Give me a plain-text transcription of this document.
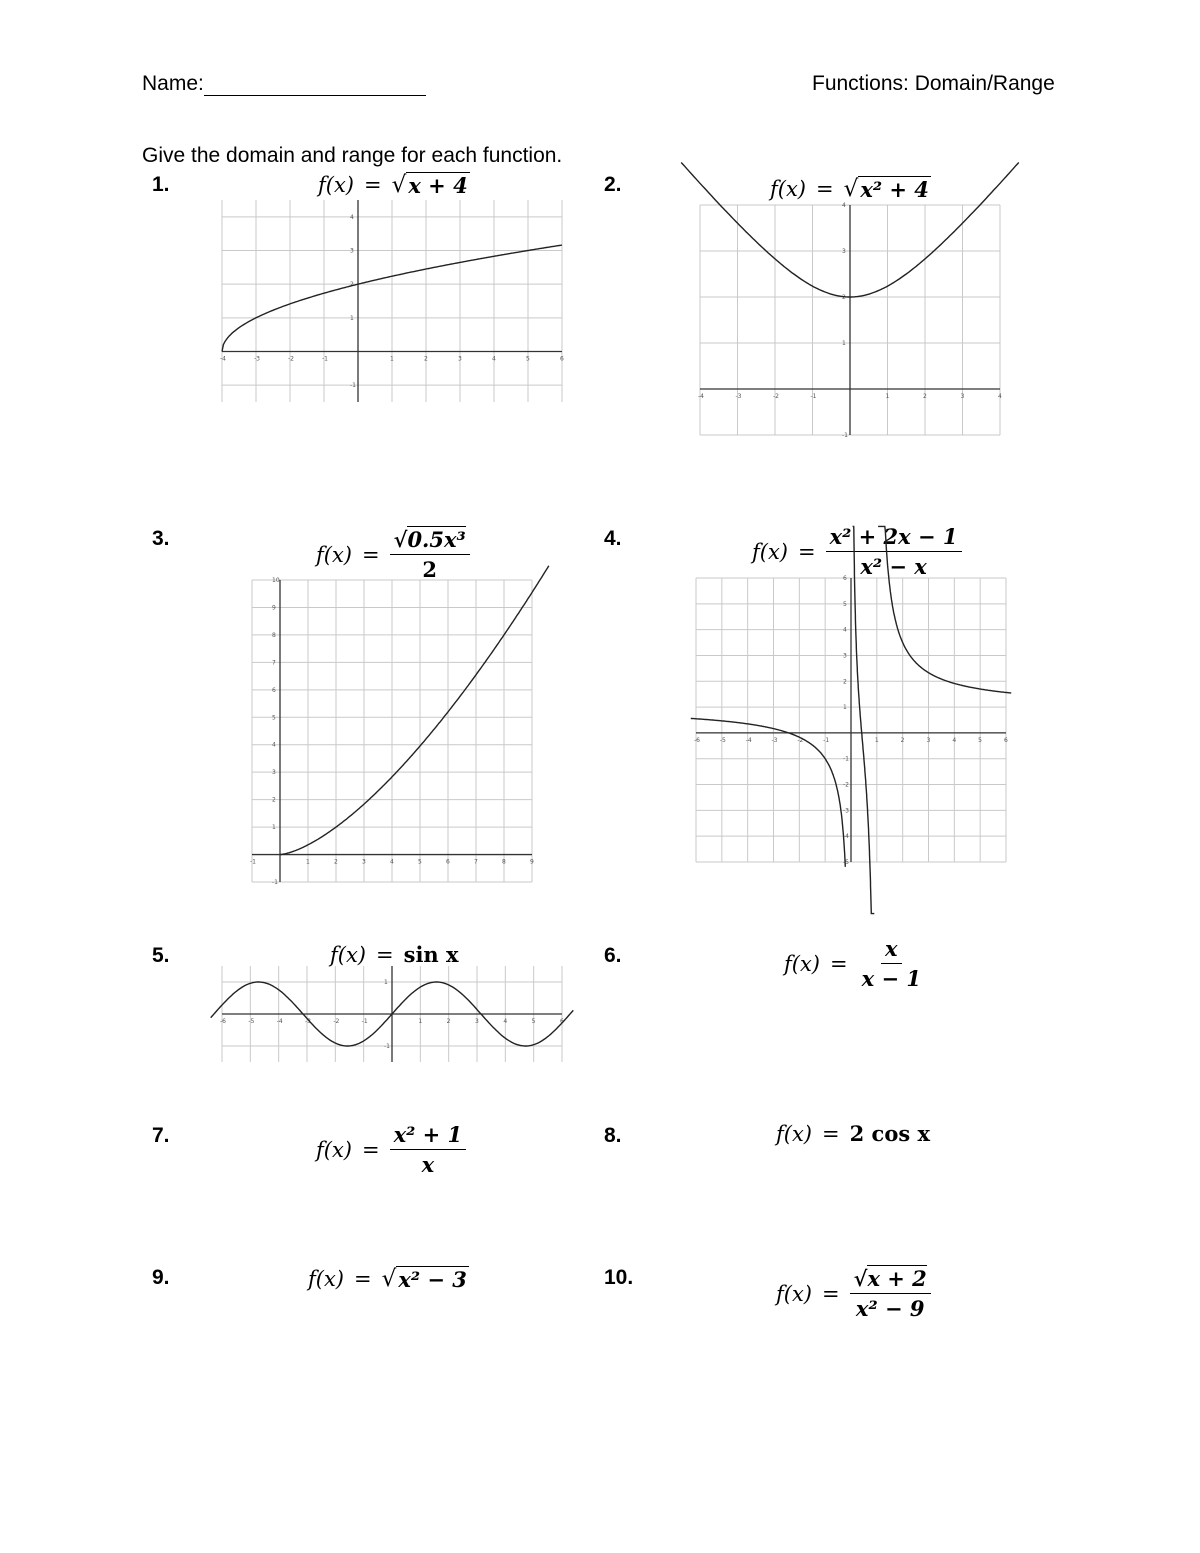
Name:	Functions: Domain/Range
Give the domain and range for each function.
1.	f(x) = √ x + 4	2.	f(x) = √ x² + 4
3.
$f(x) = \frac{\text{√0.5x³}}{2}$	4.
$f(x) = \frac{\text{x² + 2x − 1}}{\text{x² − x}}$
5.	f(x) = sin x	6.	$f(x) = \frac{x}{x - 1}$
7.
$f(x) = \frac{\text{x² + 1}}{x}$	8.	f(x) = 2 cos x
9.	f(x) = √ x² − 3	10.
$f(x) = \frac{√x + 2}{\text{x² − 9}}$
-4	-3	-2	-1	1	2	3	4	5	6
-1
1
2
3
4
-4	-3	-2	-1	1	2	3	4
-1
1
2
3
4
-1	1	2	3	4	5	6	7	8	9
-1
1
2
3
4
5
6
7
8
9
10
-6	-5	-4	-3	-2	-1	1	2	3	4	5	6
-5
-4
-3
-2
-1
1
2
3
4
5
6
-6	-5	-4	-3	-2	-1	1	2	3	4	5	6
-1
1
